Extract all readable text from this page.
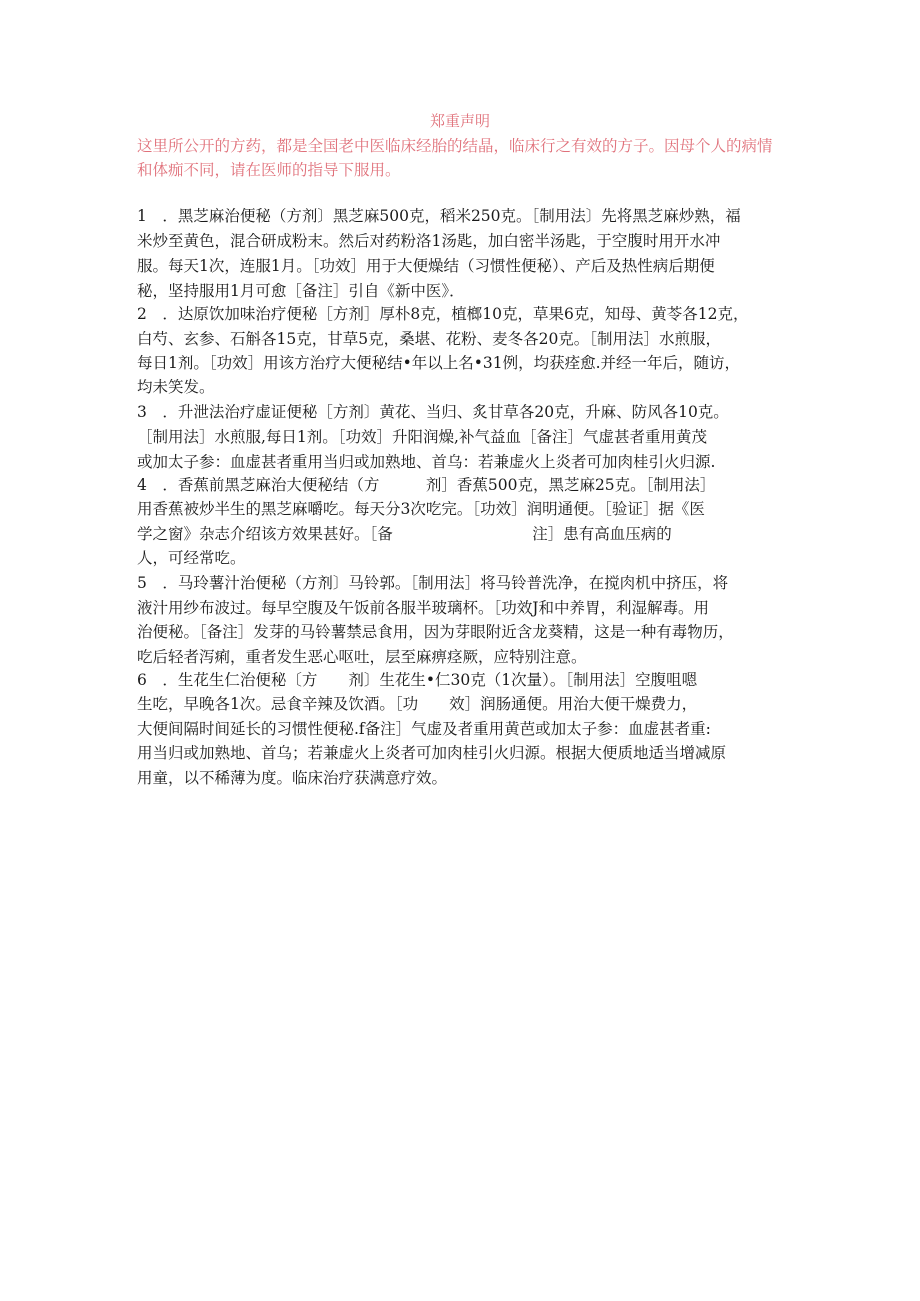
郑重声明
这里所公开的方药，都是全国老中医临床经胎的结晶，临床行之有效的方子。因母个人的病情和体痂不同，请在医师的指导下服用。
1　．黑芝麻治便秘（方剂〕黑芝麻500克，稻米250克。［制用法〕先将黑芝麻炒熟，福
米炒至黄色，混合研成粉末。然后对药粉洛1汤匙，加白密半汤匙，于空腹时用开水冲
服。每天1次，连服1月。［功效］用于大便燥结（习惯性便秘）、产后及热性病后期便
秘，坚持服用1月可愈［备注］引自《新中医》．
2　．达原饮加味治疗便秘［方剂］厚朴8克，植榔10克，草果6克，知母、黄苓各12克，
白芍、玄参、石斛各15克，甘草5克，桑堪、花粉、麦冬各20克。［制用法］水煎服，
每日1剂。［功效］用该方治疗大便秘结•年以上名•31例，均获痊愈.并经一年后，随访，
均未笑发。
3　．升泄法治疗虚证便秘［方剂〕黄花、当归、炙甘草各20克，升麻、防风各10克。
［制用法］水煎服,每日1剂。［功效］升阳润燥,补气益血［备注］气虚甚者重用黄茂
或加太子参：血虚甚者重用当归或加熟地、首乌：若兼虚火上炎者可加肉桂引火归源.
4　．香蕉前黑芝麻治大便秘结（方　　　剂］香蕉500克，黑芝麻25克。［制用法］
用香蕉被炒半生的黑芝麻嚼吃。每天分3次吃完。［功效］润明通便。［验证］据《医
学之窗》杂志介绍该方效果甚好。［备　　　　　　　　　注］患有高血压病的
人，可经常吃。
5　．马玲薯汁治便秘（方剂〕马铃郭。［制用法］将马铃普洗净，在搅肉机中挤压，将
液汁用纱布波过。每早空腹及午饭前各服半玻璃杯。［功效J和中养胃，利湿解毒。用
治便秘。［备注］发芽的马铃薯禁忌食用，因为芽眼附近含龙葵精，这是一种有毒物历，
吃后轻者泻痢，重者发生恶心呕吐，层至麻痹痉厥，应特别注意。
6　．生花生仁治便秘〔方　　剂〕生花生•仁30克（1次量）。［制用法］空腹咀嗯
生吃，早晚各1次。忌食辛辣及饮酒。［功　　效］润肠通便。用治大便干燥费力，
大便间隔时间延长的习惯性便秘.f备注］气虚及者重用黄芭或加太子参：血虚甚者重:
用当归或加熟地、首乌；若兼虚火上炎者可加肉桂引火归源。根据大便质地适当增减原
用童，以不稀薄为度。临床治疗获满意疗效。
